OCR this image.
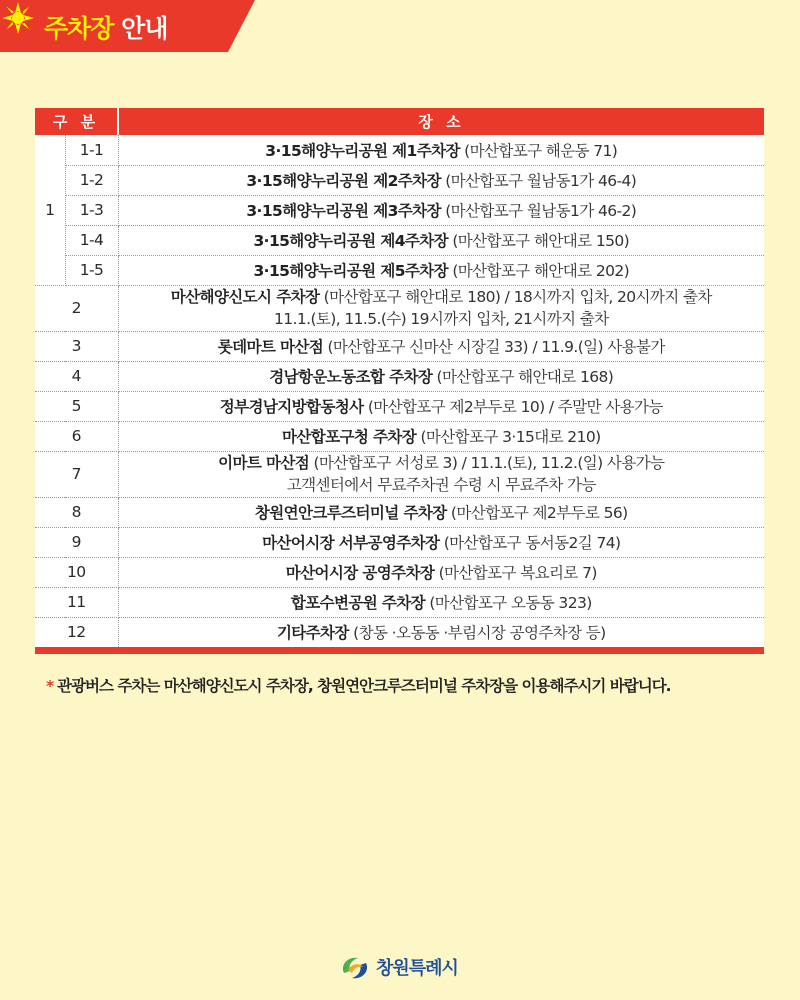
주차장 안내
구 분		장 소
1	1-1	3·15해양누리공원 제1주차장 (마산합포구 해운동 71)
	1-2	3·15해양누리공원 제2주차장 (마산합포구 월남동1가 46-4)
	1-3	3·15해양누리공원 제3주차장 (마산합포구 월남동1가 46-2)
	1-4	3·15해양누리공원 제4주차장 (마산합포구 해안대로 150)
	1-5	3·15해양누리공원 제5주차장 (마산합포구 해안대로 202)
2		마산해양신도시 주차장 (마산합포구 해안대로 180) / 18시까지 입차, 20시까지 출차
11.1.(토), 11.5.(수) 19시까지 입차, 21시까지 출차
3		롯데마트 마산점 (마산합포구 신마산 시장길 33) / 11.9.(일) 사용불가
4		경남항운노동조합 주차장 (마산합포구 해안대로 168)
5		정부경남지방합동청사 (마산합포구 제2부두로 10) / 주말만 사용가능
6		마산합포구청 주차장 (마산합포구 3·15대로 210)
7		이마트 마산점 (마산합포구 서성로 3) / 11.1.(토), 11.2.(일) 사용가능
고객센터에서 무료주차권 수령 시 무료주차 가능
8		창원연안크루즈터미널 주차장 (마산합포구 제2부두로 56)
9		마산어시장 서부공영주차장 (마산합포구 동서동2길 74)
10		마산어시장 공영주차장 (마산합포구 복요리로 7)
11		합포수변공원 주차장 (마산합포구 오동동 323)
12		기타주차장 (창동 ·오동동 ·부림시장 공영주차장 등)
* 관광버스 주차는 마산해양신도시 주차장, 창원연안크루즈터미널 주차장을 이용해주시기 바랍니다.
창원특례시
